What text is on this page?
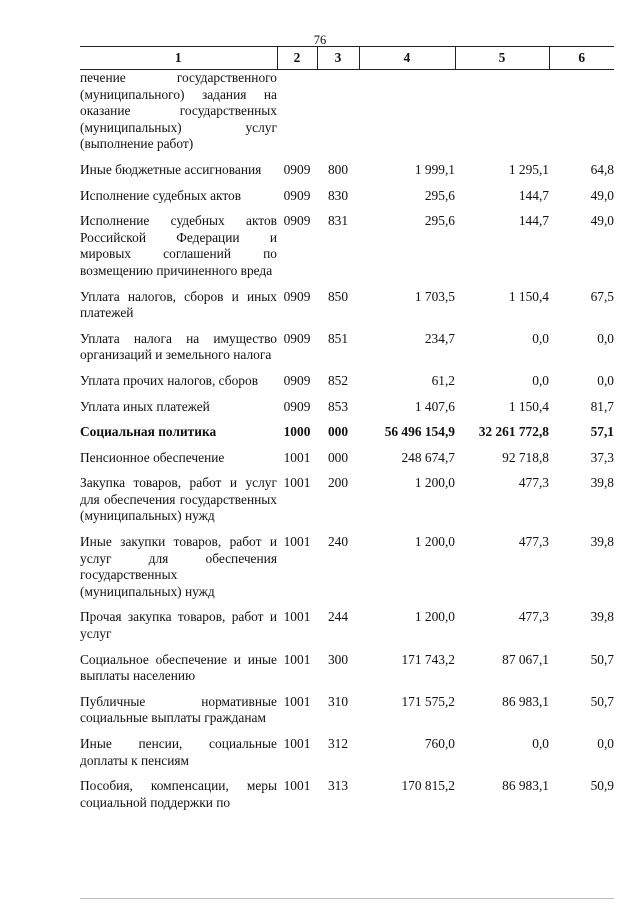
76
1	2	3	4	5	6

печение государственного (муниципального) задания на оказание государственных (муниципальных) услуг (выполнение работ)					

Иные бюджетные ассигнования	0909	800	1 999,1	1 295,1	64,8

Исполнение судебных актов	0909	830	295,6	144,7	49,0

Исполнение судебных актов Российской Федерации и мировых соглашений по возмещению причиненного вреда	0909	831	295,6	144,7	49,0

Уплата налогов, сборов и иных платежей	0909	850	1 703,5	1 150,4	67,5

Уплата налога на имущество организаций и земельного налога	0909	851	234,7	0,0	0,0

Уплата прочих налогов, сборов	0909	852	61,2	0,0	0,0

Уплата иных платежей	0909	853	1 407,6	1 150,4	81,7

Социальная политика	1000	000	56 496 154,9	32 261 772,8	57,1

Пенсионное обеспечение	1001	000	248 674,7	92 718,8	37,3

Закупка товаров, работ и услуг для обеспечения государственных (муниципальных) нужд	1001	200	1 200,0	477,3	39,8

Иные закупки товаров, работ и услуг для обеспечения государственных (муниципальных) нужд	1001	240	1 200,0	477,3	39,8

Прочая закупка товаров, работ и услуг	1001	244	1 200,0	477,3	39,8

Социальное обеспечение и иные выплаты населению	1001	300	171 743,2	87 067,1	50,7

Публичные нормативные социальные выплаты гражданам	1001	310	171 575,2	86 983,1	50,7

Иные пенсии, социальные доплаты к пенсиям	1001	312	760,0	0,0	0,0

Пособия, компенсации, меры социальной поддержки по	1001	313	170 815,2	86 983,1	50,9
